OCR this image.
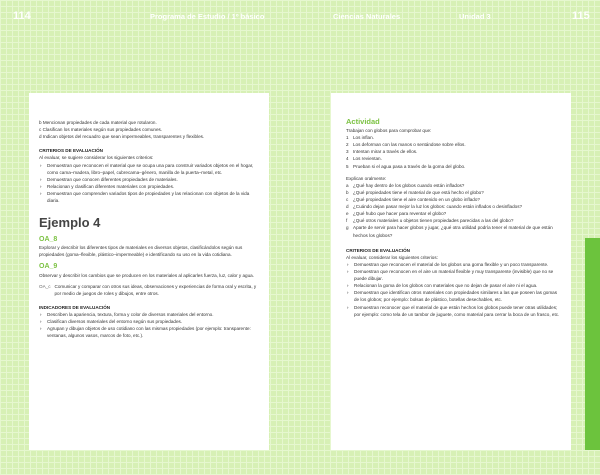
114	Programa de Estudio / 1º básico	Ciencias Naturales	Unidad 3	115

b Mencionan propiedades de cada material que rotularon.

c Clasifican los materiales según sus propiedades comunes.

d Indican objetos del recuadro que sean impermeables, transparentes y flexibles.

CRITERIOS DE EVALUACIÓN

Al evaluar, se sugiere considerar los siguientes criterios:

› Demuestran que reconocen el material que se ocupa una para construir variados objetos en el hogar, como cama–madera, libro–papel, cubrecama–género, manilla de la puerta–metal, etc.
› Demuestran que conocen diferentes propiedades de materiales.
› Relacionan y clasifican diferentes materiales con propiedades.
› Demuestran que comprenden variados tipos de propiedades y las relacionan con objetos de la vida diaria.

Ejemplo 4

OA_8

Explorar y describir los diferentes tipos de materiales en diversos objetos, clasificándolos según sus propiedades (goma–flexible, plástico–impermeable) e identificando su uso en la vida cotidiana.

OA_9

Observar y describir los cambios que se producen en los materiales al aplicarles fuerza, luz, calor y agua.

OA_c Comunicar y comparar con otros sus ideas, observaciones y experiencias de forma oral y escrita, y por medio de juegos de roles y dibujos, entre otros.

INDICADORES DE EVALUACIÓN

› Describen la apariencia, textura, forma y color de diversos materiales del entorno.
› Clasifican diversos materiales del entorno según sus propiedades.
› Agrupan y dibujan objetos de uso cotidiano con las mismas propiedades (por ejemplo: transparente: ventanas, algunos vasos, marcos de foto, etc.).

Actividad

Trabajan con globos para comprobar que:

1 Los inflan.
2 Los deforman con las manos o sentándose sobre ellos.
3 Intentan mirar a través de ellos.
4 Los revientan.
5 Prueban si el agua pasa a través de la goma del globo.

Explican oralmente:

a ¿Qué hay dentro de los globos cuando están inflados?
b ¿Qué propiedades tiene el material de que está hecho el globo?
c ¿Qué propiedades tiene el aire contenido en un globo inflado?
d ¿Cuándo dejan pasar mejor la luz los globos: cuando están inflados o desinflados?
e ¿Qué hubo que hacer para reventar el globo?
f ¿Qué otros materiales u objetos tienen propiedades parecidas a las del globo?
g Aparte de servir para hacer globos y jugar, ¿qué otra utilidad podría tener el material de que están hechos los globos?

CRITERIOS DE EVALUACIÓN

Al evaluar, considerar los siguientes criterios:

› Demuestran que reconocen el material de los globos una goma flexible y un poco transparente.
› Demuestran que reconocen en el aire un material flexible y muy transparente (invisible) que no se puede dibujar.
› Relacionan la goma de los globos con materiales que no dejan de pasar el aire ni el agua.
› Demuestran que identifican otros materiales con propiedades similares a las que poseen las gomas de los globos; por ejemplo: bolsas de plástico, botellas desechables, etc.
› Demuestran reconocer que el material de que están hechos los globos puede tener otras utilidades; por ejemplo: como tela de un tambor de juguete, como material para cerrar la boca de un frasco, etc.
